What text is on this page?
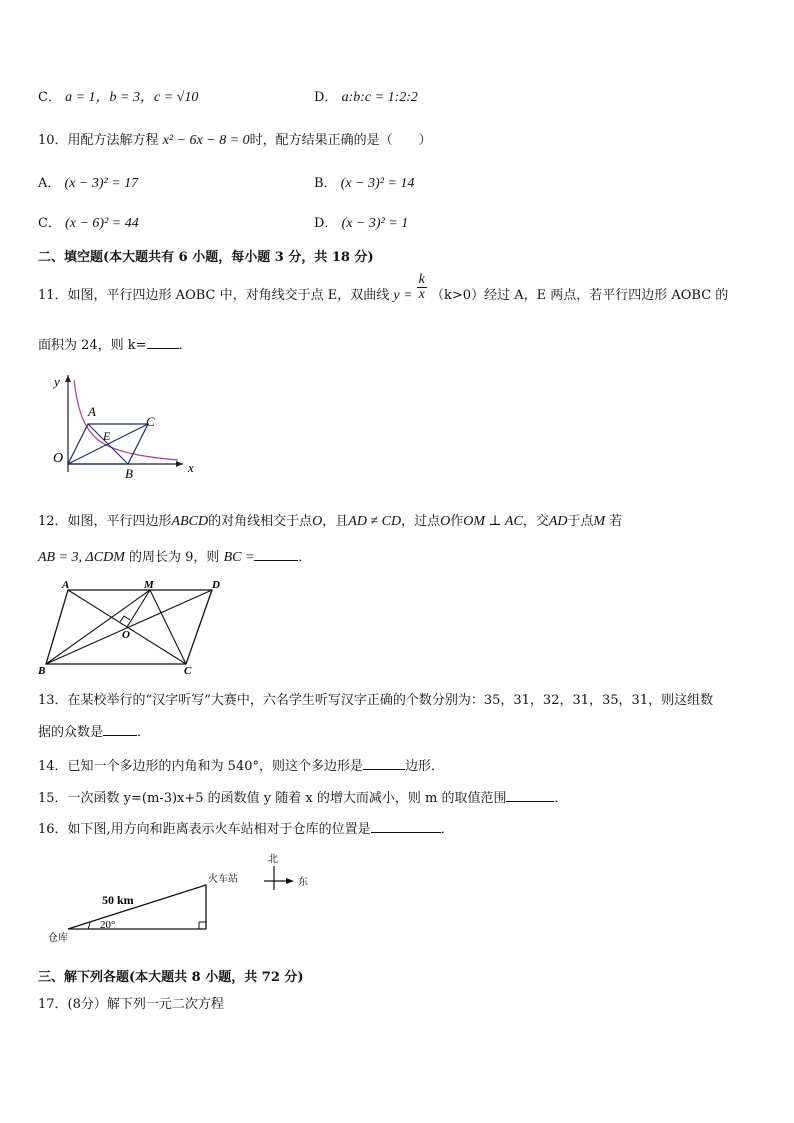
C． a = 1，b = 3，c = √10	D． a:b:c = 1:2:2
10．用配方法解方程 x² − 6x − 8 = 0时，配方结果正确的是（　　）
A． (x − 3)² = 17	B． (x − 3)² = 14
C． (x − 6)² = 44	D． (x − 3)² = 1
二、填空题(本大题共有 6 小题，每小题 3 分，共 18 分)
11．如图，平行四边形 AOBC 中，对角线交于点 E，双曲线 $y = \frac{k}{x} (k>0)$经过 A，E 两点，若平行四边形 AOBC 的
面积为 24，则 k= ．
y
x
O
A
B
C
E
12．如图，平行四边形ABCD的对角线相交于点O，且AD ≠ CD，过点O作OM ⊥ AC，交AD于点M 若
AB = 3, ΔCDM 的周长为 9，则 BC =	．
A	M	D
O
B	C
13．在某校举行的“汉字听写”大赛中，六名学生听写汉字正确的个数分别为：35，31，32，31，35，31，则这组数
据的众数是	．
14．已知一个多边形的内角和为 540°，则这个多边形是	边形．
15．一次函数 y=(m-3)x+5 的函数值 y 随着 x 的增大而减小，则 m 的取值范围	．
16．如下图,用方向和距离表示火车站相对于仓库的位置是	．
北
东
火车站
仓库
50 km
20°
三、解下列各题(本大题共 8 小题，共 72 分)
17．(8分）解下列一元二次方程
